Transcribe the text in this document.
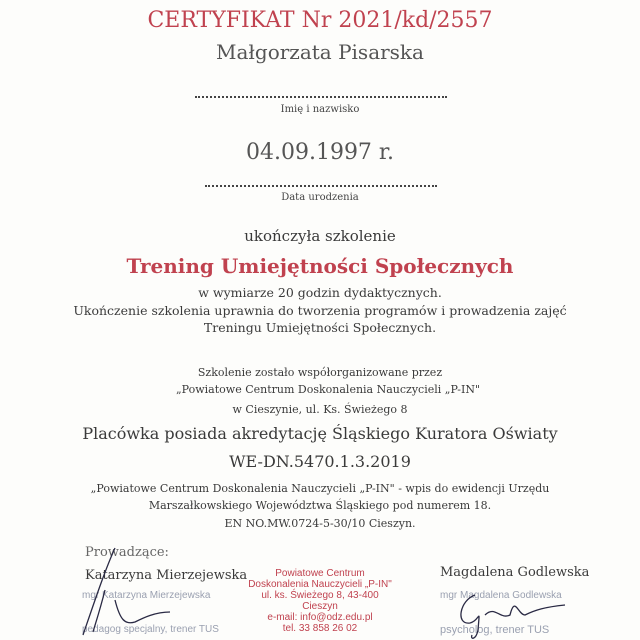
CERTYFIKAT Nr 2021/kd/2557
Małgorzata Pisarska
Imię i nazwisko
04.09.1997 r.
Data urodzenia
ukończyła szkolenie
Trening Umiejętności Społecznych
w wymiarze 20 godzin dydaktycznych.
Ukończenie szkolenia uprawnia do tworzenia programów i prowadzenia zajęć
Treningu Umiejętności Społecznych.
Szkolenie zostało współorganizowane przez
„Powiatowe Centrum Doskonalenia Nauczycieli „P-IN"
w Cieszynie, ul. Ks. Świeżego 8
Placówka posiada akredytację Śląskiego Kuratora Oświaty
WE-DN.5470.1.3.2019
„Powiatowe Centrum Doskonalenia Nauczycieli „P-IN" - wpis do ewidencji Urzędu
Marszałkowskiego Województwa Śląskiego pod numerem 18.
EN NO.MW.0724-5-30/10 Cieszyn.
Prowadzące:
Katarzyna Mierzejewska
mgr Katarzyna Mierzejewska
pedagog specjalny, trener TUS
Powiatowe Centrum
Doskonalenia Nauczycieli „P-IN"
ul. ks. Świeżego 8, 43-400 Cieszyn
e-mail: info@odz.edu.pl
tel. 33 858 26 02
Magdalena Godlewska
mgr Magdalena Godlewska
psycholog, trener TUS
